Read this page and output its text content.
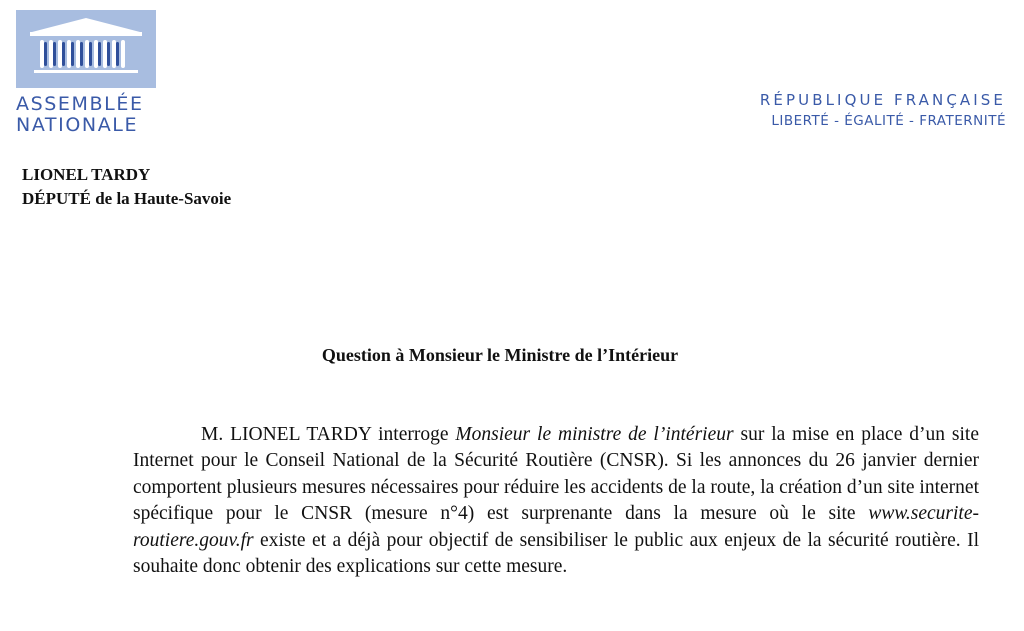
ASSEMBLÉE
NATIONALE
RÉPUBLIQUE FRANÇAISE
LIBERTÉ - ÉGALITÉ - FRATERNITÉ
LIONEL TARDY
DÉPUTÉ de la Haute-Savoie
Question à Monsieur le Ministre de l’Intérieur

M. LIONEL TARDY interroge Monsieur le ministre de l’intérieur sur la mise en place d’un site Internet pour le Conseil National de la Sécurité Routière (CNSR). Si les annonces du 26 janvier dernier comportent plusieurs mesures nécessaires pour réduire les accidents de la route, la création d’un site internet spécifique pour le CNSR (mesure n°4) est surprenante dans la mesure où le site www.securite-routiere.gouv.fr existe et a déjà pour objectif de sensibiliser le public aux enjeux de la sécurité routière. Il souhaite donc obtenir des explications sur cette mesure.
